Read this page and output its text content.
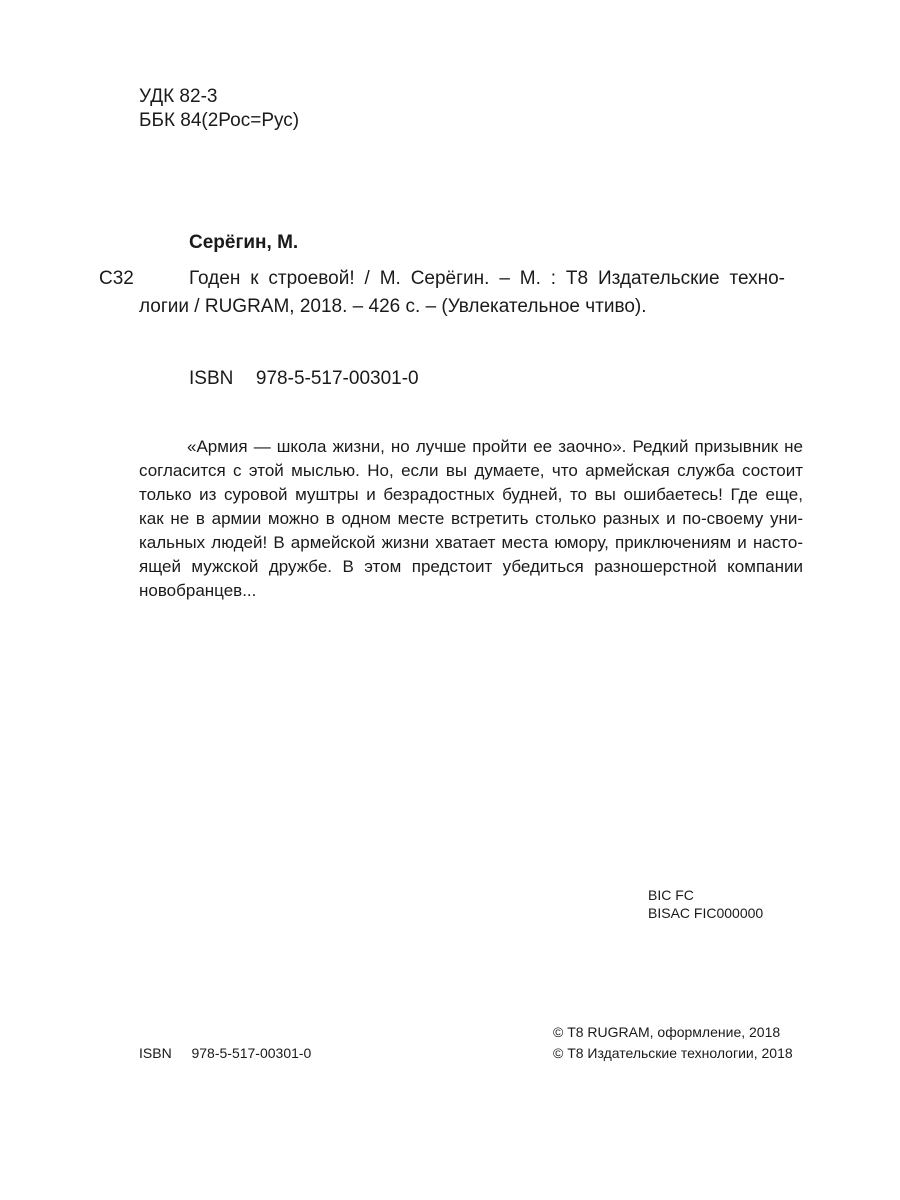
УДК 82-3
ББК 84(2Рос=Рус)
Серёгин, М.
С32	Годен к строевой! / М. Серёгин. – М. : Т8 Издательские техно-
логии / RUGRAM, 2018. – 426 с. – (Увлекательное чтиво).
ISBN 978-5-517-00301-0
«Армия — школа жизни, но лучше пройти ее заочно». Редкий призывник не
согласится с этой мыслью. Но, если вы думаете, что армейская служба состоит
только из суровой муштры и безрадостных будней, то вы ошибаетесь! Где еще,
как не в армии можно в одном месте встретить столько разных и по-своему уни-
кальных людей! В армейской жизни хватает места юмору, приключениям и насто-
ящей мужской дружбе. В этом предстоит убедиться разношерстной компании
новобранцев...
BIC FC
BISAC FIC000000
© Т8 RUGRAM, оформление, 2018
ISBN 978-5-517-00301-0	© Т8 Издательские технологии, 2018
